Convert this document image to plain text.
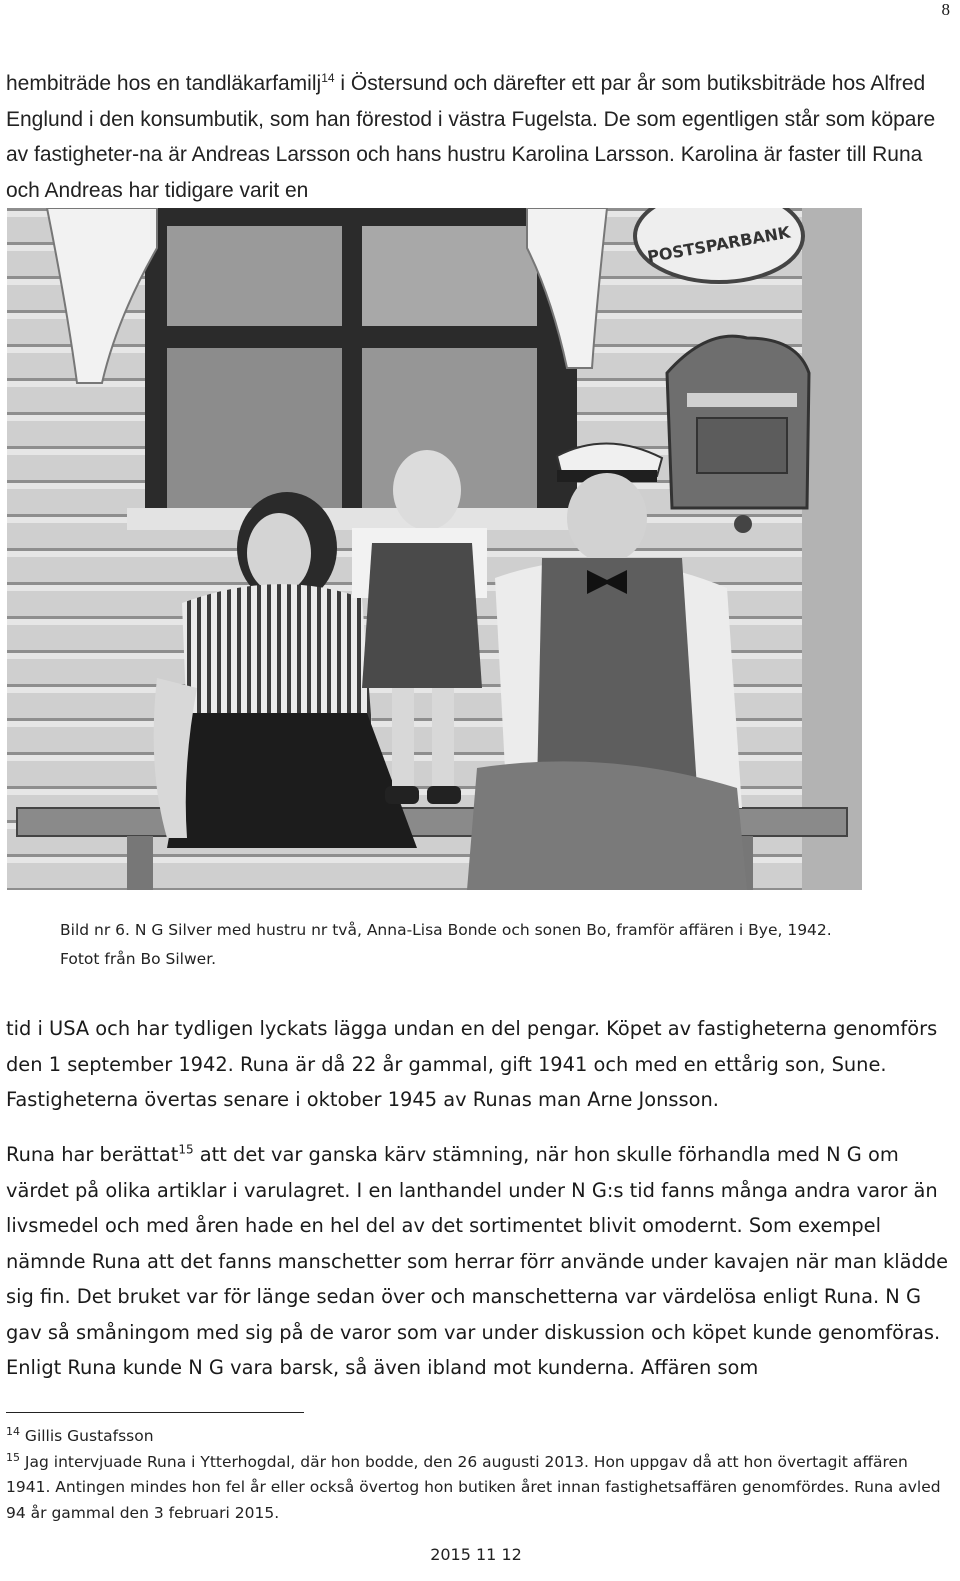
8

hembiträde hos en tandläkarfamilj$^{14}$ i Östersund och därefter ett par år som butiksbiträde hos Alfred Englund i den konsumbutik, som han förestod i västra Fugelsta. De som egentligen står som köpare av fastigheter-na är Andreas Larsson och hans hustru Karolina Larsson. Karolina är faster till Runa och Andreas har tidigare varit en

POSTSPARBANK
Bild nr 6. N G Silver med hustru nr två, Anna-Lisa Bonde och sonen Bo, framför affären i Bye, 1942.
Fotot från Bo Silwer.

tid i USA och har tydligen lyckats lägga undan en del pengar. Köpet av fastigheterna genomförs den 1 september 1942. Runa är då 22 år gammal, gift 1941 och med en ettårig son, Sune. Fastigheterna övertas senare i oktober 1945 av Runas man Arne Jonsson.

Runa har berättat$^{15}$ att det var ganska kärv stämning, när hon skulle förhandla med N G om värdet på olika artiklar i varulagret. I en lanthandel under N G:s tid fanns många andra varor än livsmedel och med åren hade en hel del av det sortimentet blivit omodernt. Som exempel nämnde Runa att det fanns manschetter som herrar förr använde under kavajen när man klädde sig fin. Det bruket var för länge sedan över och manschetterna var värdelösa enligt Runa. N G gav så småningom med sig på de varor som var under diskussion och köpet kunde genomföras. Enligt Runa kunde N G vara barsk, så även ibland mot kunderna. Affären som

$^{14}$ Gillis Gustafsson

$^{15}$ Jag intervjuade Runa i Ytterhogdal, där hon bodde, den 26 augusti 2013. Hon uppgav då att hon övertagit affären 1941. Antingen mindes hon fel år eller också övertog hon butiken året innan fastighetsaffären genomfördes. Runa avled 94 år gammal den 3 februari 2015.

2015 11 12
